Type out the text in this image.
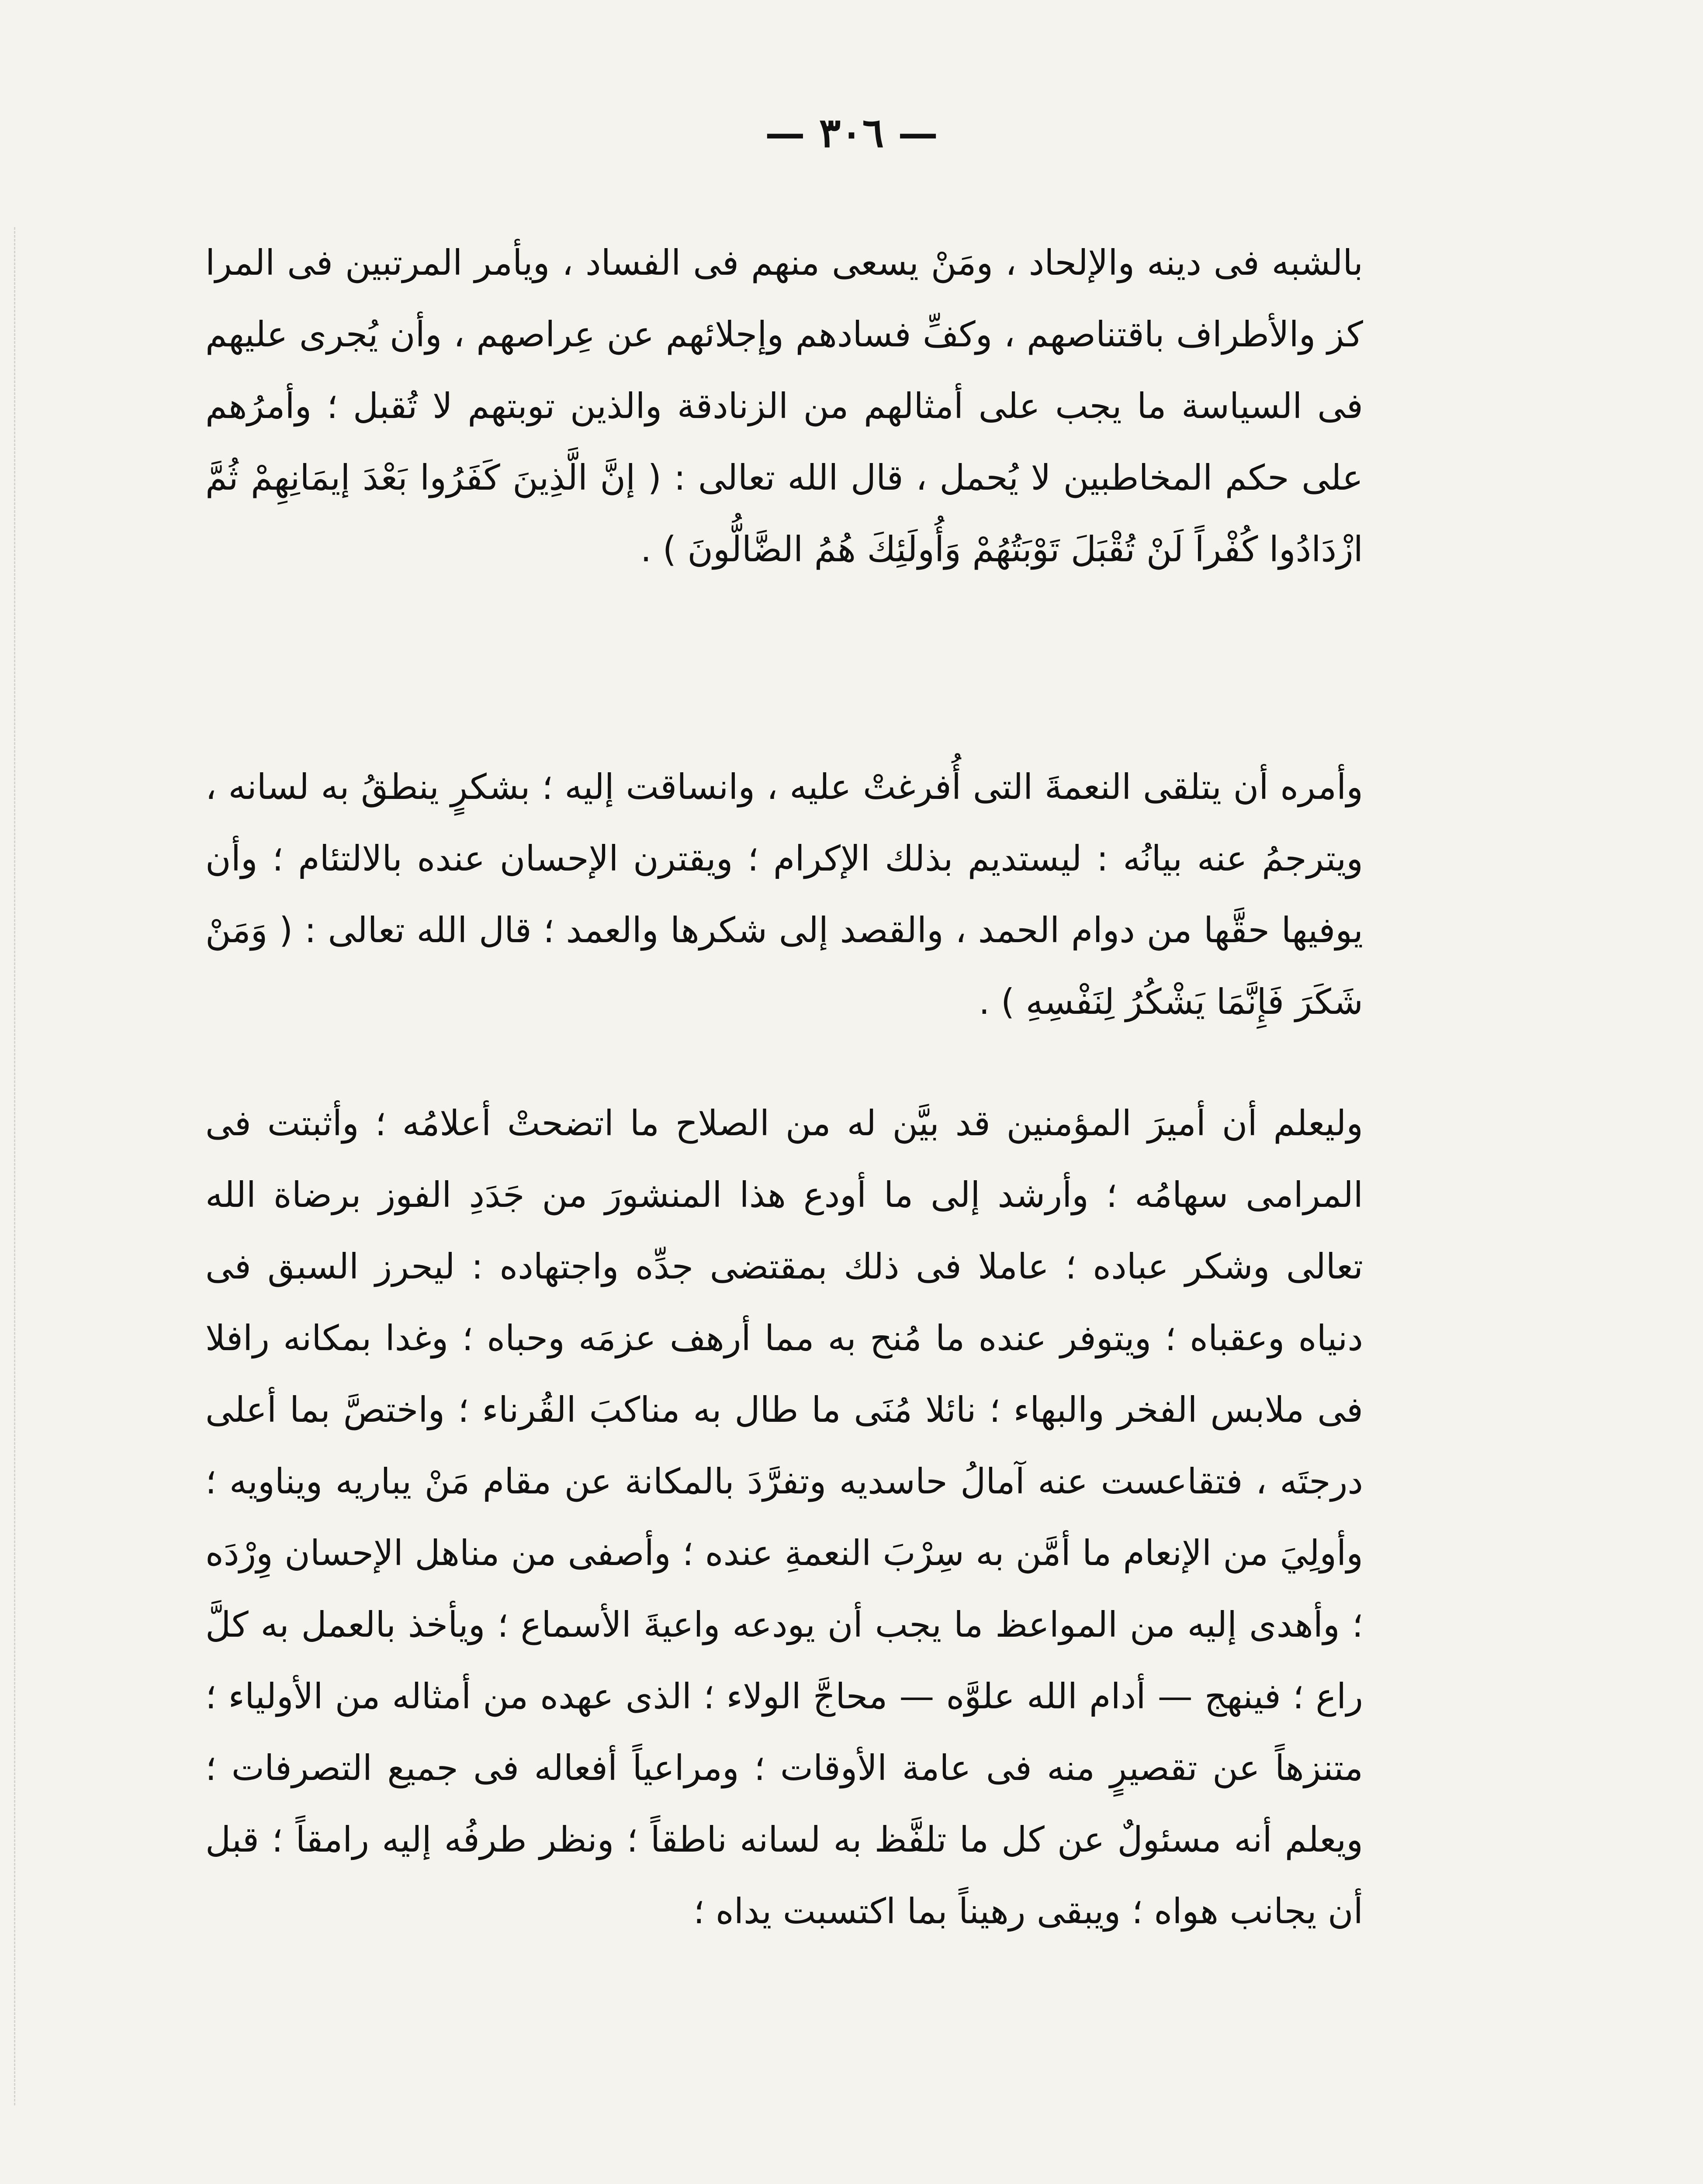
— ٣٠٦ —

بالشبه فى دينه والإلحاد ، ومَنْ يسعى منهم فى الفساد ، ويأمر المرتبين فى المرا كز والأطراف باقتناصهم ، وكفِّ فسادهم وإجلائهم عن عِراصهم ، وأن يُجرى عليهم فى السياسة ما يجب على أمثالهم من الزنادقة والذين توبتهم لا تُقبل ؛ وأمرُهم على حكم المخاطبين لا يُحمل ، قال الله تعالى : ( إنَّ الَّذِينَ كَفَرُوا بَعْدَ إيمَانِهِمْ ثُمَّ ازْدَادُوا كُفْراً لَنْ تُقْبَلَ تَوْبَتُهُمْ وَأُولَئِكَ هُمُ الضَّالُّونَ ) .

وأمره أن يتلقى النعمةَ التى أُفرغتْ عليه ، وانساقت إليه ؛ بشكرٍ ينطقُ به لسانه ، ويترجمُ عنه بيانُه : ليستديم بذلك الإكرام ؛ ويقترن الإحسان عنده بالالتئام ؛ وأن يوفيها حقَّها من دوام الحمد ، والقصد إلى شكرها والعمد ؛ قال الله تعالى : ( وَمَنْ شَكَرَ فَإِنَّمَا يَشْكُرُ لِنَفْسِهِ ) .

وليعلم أن أميرَ المؤمنين قد بيَّن له من الصلاح ما اتضحتْ أعلامُه ؛ وأثبتت فى المرامى سهامُه ؛ وأرشد إلى ما أودع هذا المنشورَ من جَدَدِ الفوز برضاة الله تعالى وشكر عباده ؛ عاملا فى ذلك بمقتضى جدِّه واجتهاده : ليحرز السبق فى دنياه وعقباه ؛ ويتوفر عنده ما مُنح به مما أرهف عزمَه وحباه ؛ وغدا بمكانه رافلا فى ملابس الفخر والبهاء ؛ نائلا مُنَى ما طال به مناكبَ القُرناء ؛ واختصَّ بما أعلى درجتَه ، فتقاعست عنه آمالُ حاسديه وتفرَّدَ بالمكانة عن مقام مَنْ يباريه ويناويه ؛ وأولِيَ من الإنعام ما أمَّن به سِرْبَ النعمةِ عنده ؛ وأصفى من مناهل الإحسان وِرْدَه ؛ وأهدى إليه من المواعظ ما يجب أن يودعه واعيةَ الأسماع ؛ ويأخذ بالعمل به كلَّ راع ؛ فينهج — أدام الله علوَّه — محاجَّ الولاء ؛ الذى عهده من أمثاله من الأولياء ؛ متنزهاً عن تقصيرٍ منه فى عامة الأوقات ؛ ومراعياً أفعاله فى جميع التصرفات ؛ ويعلم أنه مسئولٌ عن كل ما تلفَّظ به لسانه ناطقاً ؛ ونظر طرفُه إليه رامقاً ؛ قبل أن يجانب هواه ؛ ويبقى رهيناً بما اكتسبت يداه ؛
